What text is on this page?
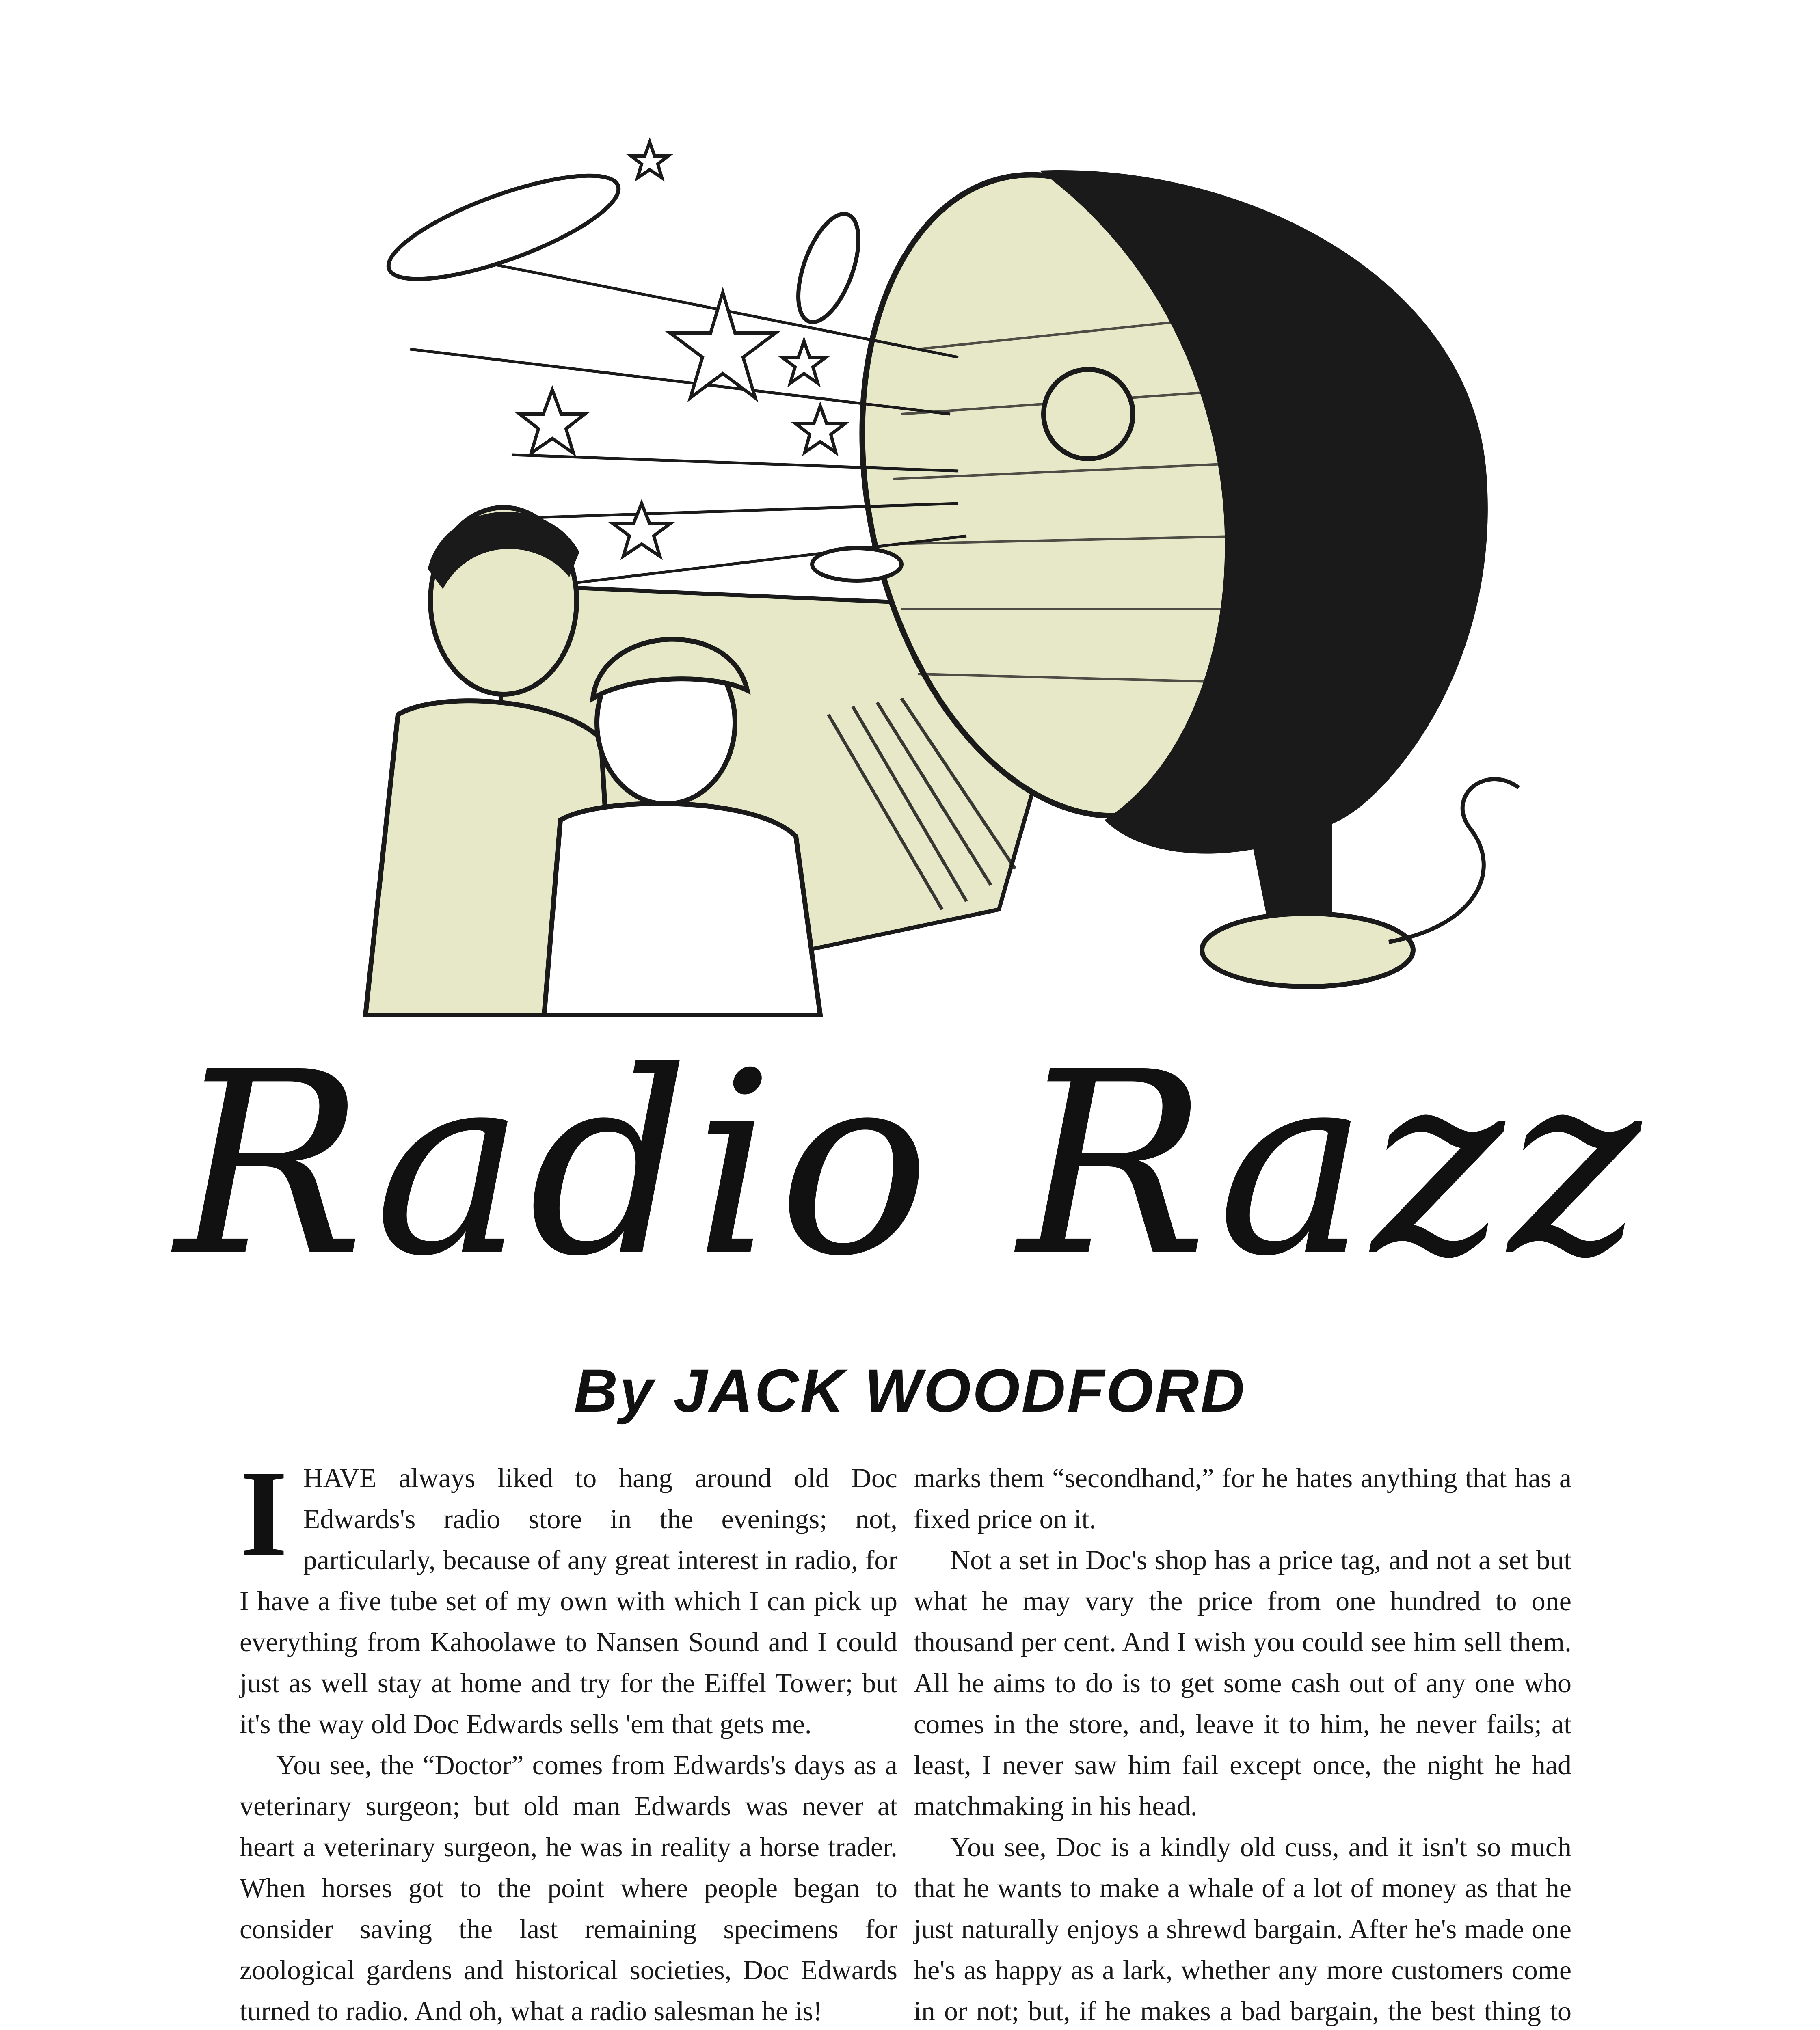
Radio Razz
By JACK WOODFORD

I HAVE always liked to hang around old Doc Edwards's radio store in the evenings; not, particularly, because of any great interest in radio, for I have a five tube set of my own with which I can pick up everything from Kahoolawe to Nansen Sound and I could just as well stay at home and try for the Eiffel Tower; but it's the way old Doc Edwards sells 'em that gets me.

You see, the “Doctor” comes from Edwards's days as a veterinary surgeon; but old man Edwards was never at heart a veterinary surgeon, he was in reality a horse trader. When horses got to the point where people began to consider saving the last remaining specimens for zoological gardens and historical societies, Doc Edwards turned to radio. And oh, what a radio salesman he is!

marks them “secondhand,” for he hates anything that has a fixed price on it.

Not a set in Doc's shop has a price tag, and not a set but what he may vary the price from one hundred to one thousand per cent. And I wish you could see him sell them. All he aims to do is to get some cash out of any one who comes in the store, and, leave it to him, he never fails; at least, I never saw him fail except once, the night he had matchmaking in his head.

You see, Doc is a kindly old cuss, and it isn't so much that he wants to make a whale of a lot of money as that he just naturally enjoys a shrewd bargain. After he's made one he's as happy as a lark, whether any more customers come in or not; but, if he makes a bad bargain, the best thing to
